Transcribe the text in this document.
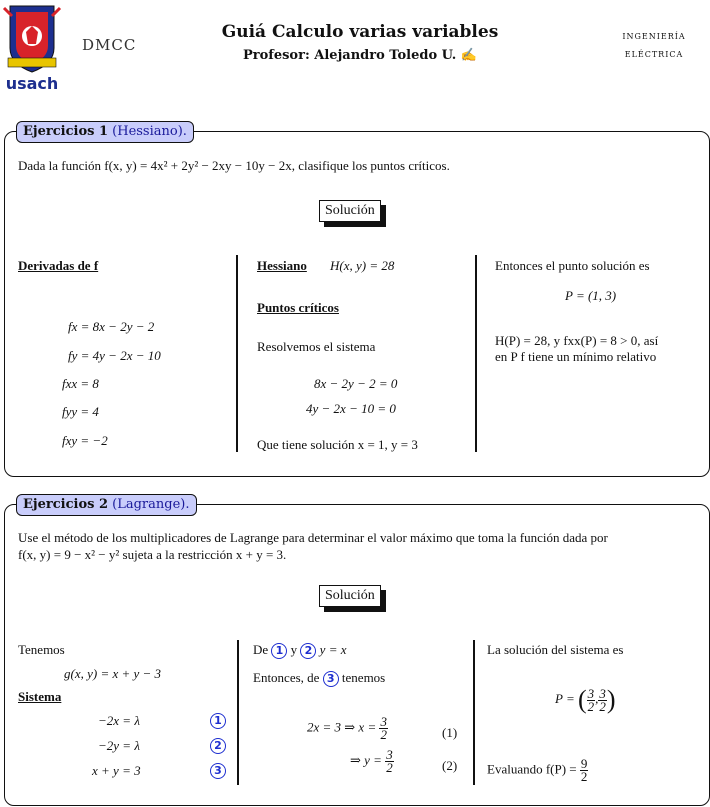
usach
DMCC
Guiá Calculo varias variables
Profesor: Alejandro Toledo U. ✍
INGENIERÍA
ELÉCTRICA
Ejercicios 1 (Hessiano).
Dada la función f(x, y) = 4x² + 2y² − 2xy − 10y − 2x, clasifique los puntos críticos.
Solución
Derivadas de f
fx = 8x − 2y − 2
fy = 4y − 2x − 10
fxx = 8
fyy = 4
fxy = −2
Hessiano H(x, y) = 28
Puntos críticos
Resolvemos el sistema
8x − 2y − 2 = 0
4y − 2x − 10 = 0
Que tiene solución x = 1, y = 3
Entonces el punto solución es
P = (1, 3)
H(P) = 28, y fxx(P) = 8 > 0, así
en P f tiene un mínimo relativo
Ejercicios 2 (Lagrange).
Use el método de los multiplicadores de Lagrange para determinar el valor máximo que toma la función dada por
f(x, y) = 9 − x² − y² sujeta a la restricción x + y = 3.
Solución
Tenemos
g(x, y) = x + y − 3
Sistema
−2x = λ
−2y = λ
x + y = 3
1
2
3
De 1 y 2 y = x
Entonces, de 3 tenemos
2x = 3 ⇒ $x = \frac{3}{2}$	(1)
⇒ $y = \frac{3}{2}$	(2)
La solución del sistema es
P = ( $\frac{3}{2}$ , $\frac{3}{2}$ )
Evaluando $f(P) = \frac{9}{2}$
